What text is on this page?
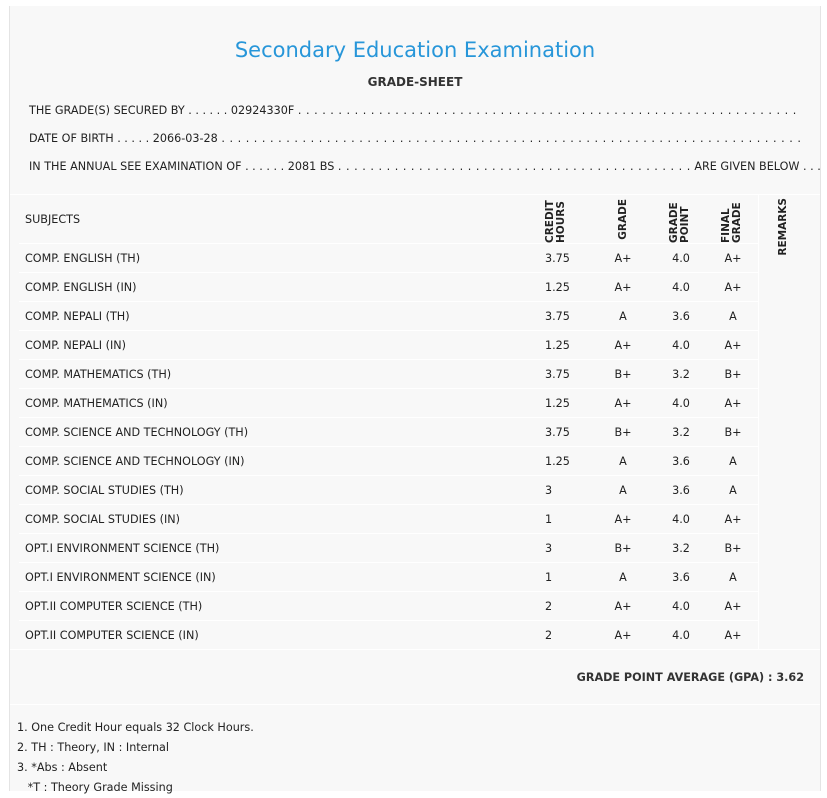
Secondary Education Examination
GRADE-SHEET
THE GRADE(S) SECURED BY . . . . . . 02924330F . . . . . . . . . . . . . . . . . . . . . . . . . . . . . . . . . . . . . . . . . . . . . . . . . . . . . . . . . . . . . .
DATE OF BIRTH . . . . . 2066-03-28 . . . . . . . . . . . . . . . . . . . . . . . . . . . . . . . . . . . . . . . . . . . . . . . . . . . . . . . . . . . . . . . . . . . . . . . .
IN THE ANNUAL SEE EXAMINATION OF . . . . . . 2081 BS . . . . . . . . . . . . . . . . . . . . . . . . . . . . . . . . . . . . . . . . . . . . ARE GIVEN BELOW . . .
REMARKS
SUBJECTS	CREDIT HOURS	GRADE	GRADE POINT	FINAL GRADE
COMP. ENGLISH (TH)	3.75	A+	4.0	A+
COMP. ENGLISH (IN)	1.25	A+	4.0	A+
COMP. NEPALI (TH)	3.75	A	3.6	A
COMP. NEPALI (IN)	1.25	A+	4.0	A+
COMP. MATHEMATICS (TH)	3.75	B+	3.2	B+
COMP. MATHEMATICS (IN)	1.25	A+	4.0	A+
COMP. SCIENCE AND TECHNOLOGY (TH)	3.75	B+	3.2	B+
COMP. SCIENCE AND TECHNOLOGY (IN)	1.25	A	3.6	A
COMP. SOCIAL STUDIES (TH)	3	A	3.6	A
COMP. SOCIAL STUDIES (IN)	1	A+	4.0	A+
OPT.I ENVIRONMENT SCIENCE (TH)	3	B+	3.2	B+
OPT.I ENVIRONMENT SCIENCE (IN)	1	A	3.6	A
OPT.II COMPUTER SCIENCE (TH)	2	A+	4.0	A+
OPT.II COMPUTER SCIENCE (IN)	2	A+	4.0	A+
GRADE POINT AVERAGE (GPA) : 3.62
1. One Credit Hour equals 32 Clock Hours.
2. TH : Theory, IN : Internal
3. *Abs : Absent
*T : Theory Grade Missing
